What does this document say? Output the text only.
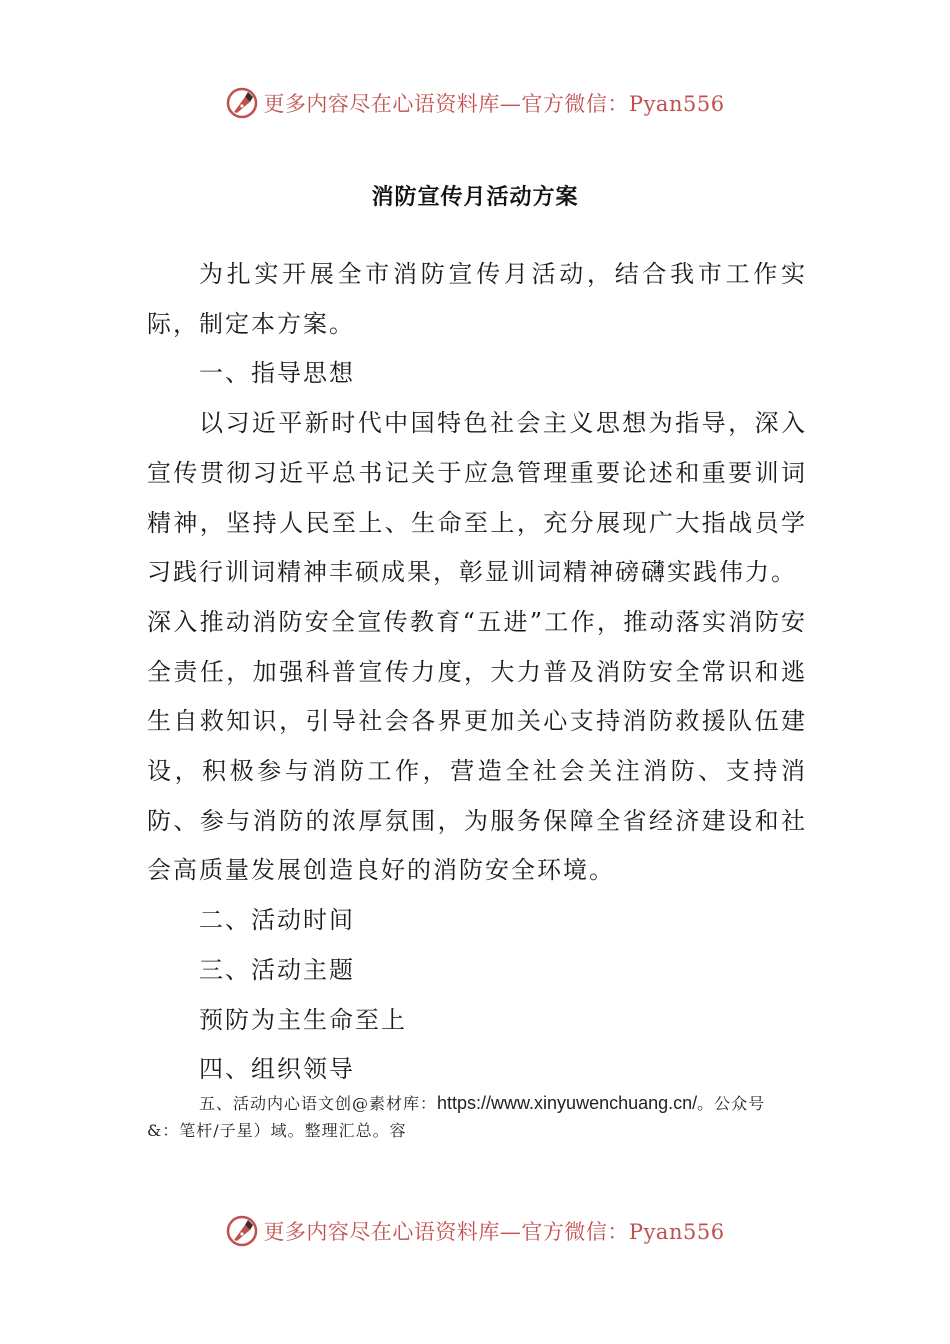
更多内容尽在心语资料库—官方微信：Pyan556
消防宣传月活动方案

为扎实开展全市消防宣传月活动，结合我市工作实际，制定本方案。

一、指导思想

以习近平新时代中国特色社会主义思想为指导，深入宣传贯彻习近平总书记关于应急管理重要论述和重要训词精神，坚持人民至上、生命至上，充分展现广大指战员学习践行训词精神丰硕成果，彰显训词精神磅礴实践伟力。

深入推动消防安全宣传教育“五进”工作，推动落实消防安全责任，加强科普宣传力度，大力普及消防安全常识和逃生自救知识，引导社会各界更加关心支持消防救援队伍建设，积极参与消防工作，营造全社会关注消防、支持消防、参与消防的浓厚氛围，为服务保障全省经济建设和社会高质量发展创造良好的消防安全环境。

二、活动时间

三、活动主题

预防为主生命至上

四、组织领导

五、活动内心语文创@素材库：https://www.xinyuwenchuang.cn/。公众号
&：笔杆/子星）域。整理汇总。容
更多内容尽在心语资料库—官方微信：Pyan556
